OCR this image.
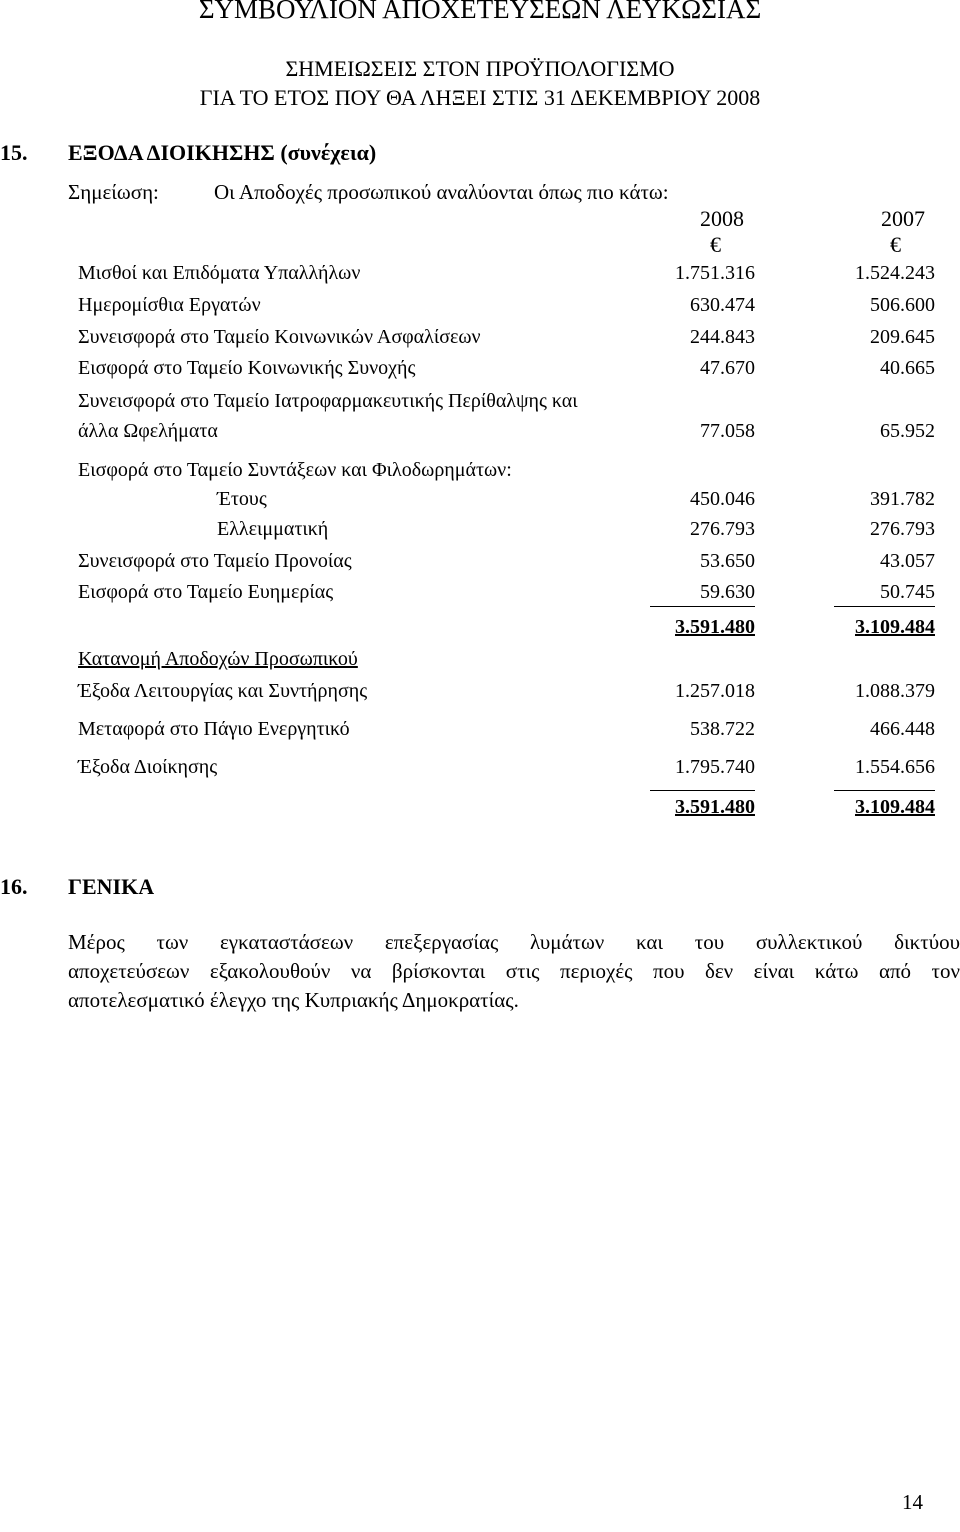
ΣΥΜΒΟΥΛΙΟΝ ΑΠΟΧΕΤΕΥΣΕΩΝ ΛΕΥΚΩΣΙΑΣ
ΣΗΜΕΙΩΣΕΙΣ ΣΤΟΝ ΠΡΟΫΠΟΛΟΓΙΣΜΟ
ΓΙΑ ΤΟ ΕΤΟΣ ΠΟΥ ΘΑ ΛΗΞΕΙ ΣΤΙΣ 31 ΔΕΚΕΜΒΡΙΟΥ 2008
15. ΕΞΟΔΑ ΔΙΟΙΚΗΣΗΣ (συνέχεια)
Σημείωση:	Οι Αποδοχές προσωπικού αναλύονται όπως πιο κάτω:
2008	2007
€	€
Μισθοί και Επιδόματα Υπαλλήλων	1.751.316	1.524.243
Ημερομίσθια Εργατών	630.474	506.600
Συνεισφορά στο Ταμείο Κοινωνικών Ασφαλίσεων	244.843	209.645
Εισφορά στο Ταμείο Κοινωνικής Συνοχής	47.670	40.665
Συνεισφορά στο Ταμείο Ιατροφαρμακευτικής Περίθαλψης και
άλλα Ωφελήματα	77.058	65.952
Εισφορά στο Ταμείο Συντάξεων και Φιλοδωρημάτων:
Έτους	450.046	391.782
Ελλειμματική	276.793	276.793
Συνεισφορά στο Ταμείο Προνοίας	53.650	43.057
Εισφορά στο Ταμείο Ευημερίας	59.630	50.745
3.591.480	3.109.484
Κατανομή Αποδοχών Προσωπικού
Έξοδα Λειτουργίας και Συντήρησης	1.257.018	1.088.379
Μεταφορά στο Πάγιο Ενεργητικό	538.722	466.448
Έξοδα Διοίκησης	1.795.740	1.554.656
3.591.480	3.109.484
16. ΓΕΝΙΚΑ
Μέρος των εγκαταστάσεων επεξεργασίας λυμάτων και του συλλεκτικού δικτύου
αποχετεύσεων εξακολουθούν να βρίσκονται στις περιοχές που δεν είναι κάτω από τον
αποτελεσματικό έλεγχο της Κυπριακής Δημοκρατίας.
14
